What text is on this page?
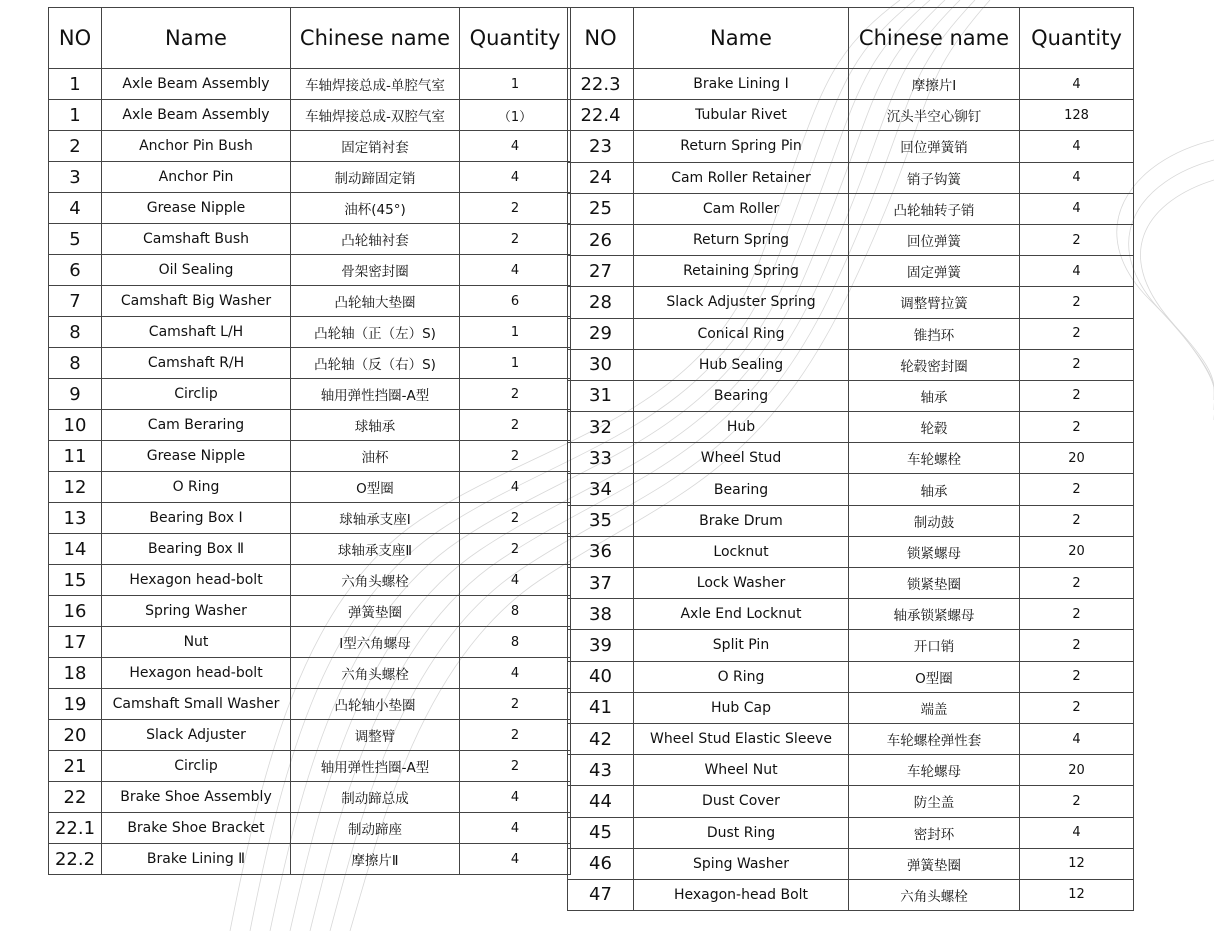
NO	Name	Chinese name	Quantity
1	Axle Beam Assembly	车轴焊接总成-单腔气室	1
1	Axle Beam Assembly	车轴焊接总成-双腔气室	（1）
2	Anchor Pin Bush	固定销衬套	4
3	Anchor Pin	制动蹄固定销	4
4	Grease Nipple	油杯(45°)	2
5	Camshaft Bush	凸轮轴衬套	2
6	Oil Sealing	骨架密封圈	4
7	Camshaft Big Washer	凸轮轴大垫圈	6
8	Camshaft L/H	凸轮轴（正（左）S)	1
8	Camshaft R/H	凸轮轴（反（右）S)	1
9	Circlip	轴用弹性挡圈-A型	2
10	Cam Beraring	球轴承	2
11	Grease Nipple	油杯	2
12	O Ring	O型圈	4
13	Bearing Box Ⅰ	球轴承支座Ⅰ	2
14	Bearing Box Ⅱ	球轴承支座Ⅱ	2
15	Hexagon head-bolt	六角头螺栓	4
16	Spring Washer	弹簧垫圈	8
17	Nut	Ⅰ型六角螺母	8
18	Hexagon head-bolt	六角头螺栓	4
19	Camshaft Small Washer	凸轮轴小垫圈	2
20	Slack Adjuster	调整臂	2
21	Circlip	轴用弹性挡圈-A型	2
22	Brake Shoe Assembly	制动蹄总成	4
22.1	Brake Shoe Bracket	制动蹄座	4
22.2	Brake Lining Ⅱ	摩擦片Ⅱ	4
NO	Name	Chinese name	Quantity
22.3	Brake Lining Ⅰ	摩擦片Ⅰ	4
22.4	Tubular Rivet	沉头半空心铆钉	128
23	Return Spring Pin	回位弹簧销	4
24	Cam Roller Retainer	销子钩簧	4
25	Cam Roller	凸轮轴转子销	4
26	Return Spring	回位弹簧	2
27	Retaining Spring	固定弹簧	4
28	Slack Adjuster Spring	调整臂拉簧	2
29	Conical Ring	锥挡环	2
30	Hub Sealing	轮毂密封圈	2
31	Bearing	轴承	2
32	Hub	轮毂	2
33	Wheel Stud	车轮螺栓	20
34	Bearing	轴承	2
35	Brake Drum	制动鼓	2
36	Locknut	锁紧螺母	20
37	Lock Washer	锁紧垫圈	2
38	Axle End Locknut	轴承锁紧螺母	2
39	Split Pin	开口销	2
40	O Ring	O型圈	2
41	Hub Cap	端盖	2
42	Wheel Stud Elastic Sleeve	车轮螺栓弹性套	4
43	Wheel Nut	车轮螺母	20
44	Dust Cover	防尘盖	2
45	Dust Ring	密封环	4
46	Sping Washer	弹簧垫圈	12
47	Hexagon-head Bolt	六角头螺栓	12
